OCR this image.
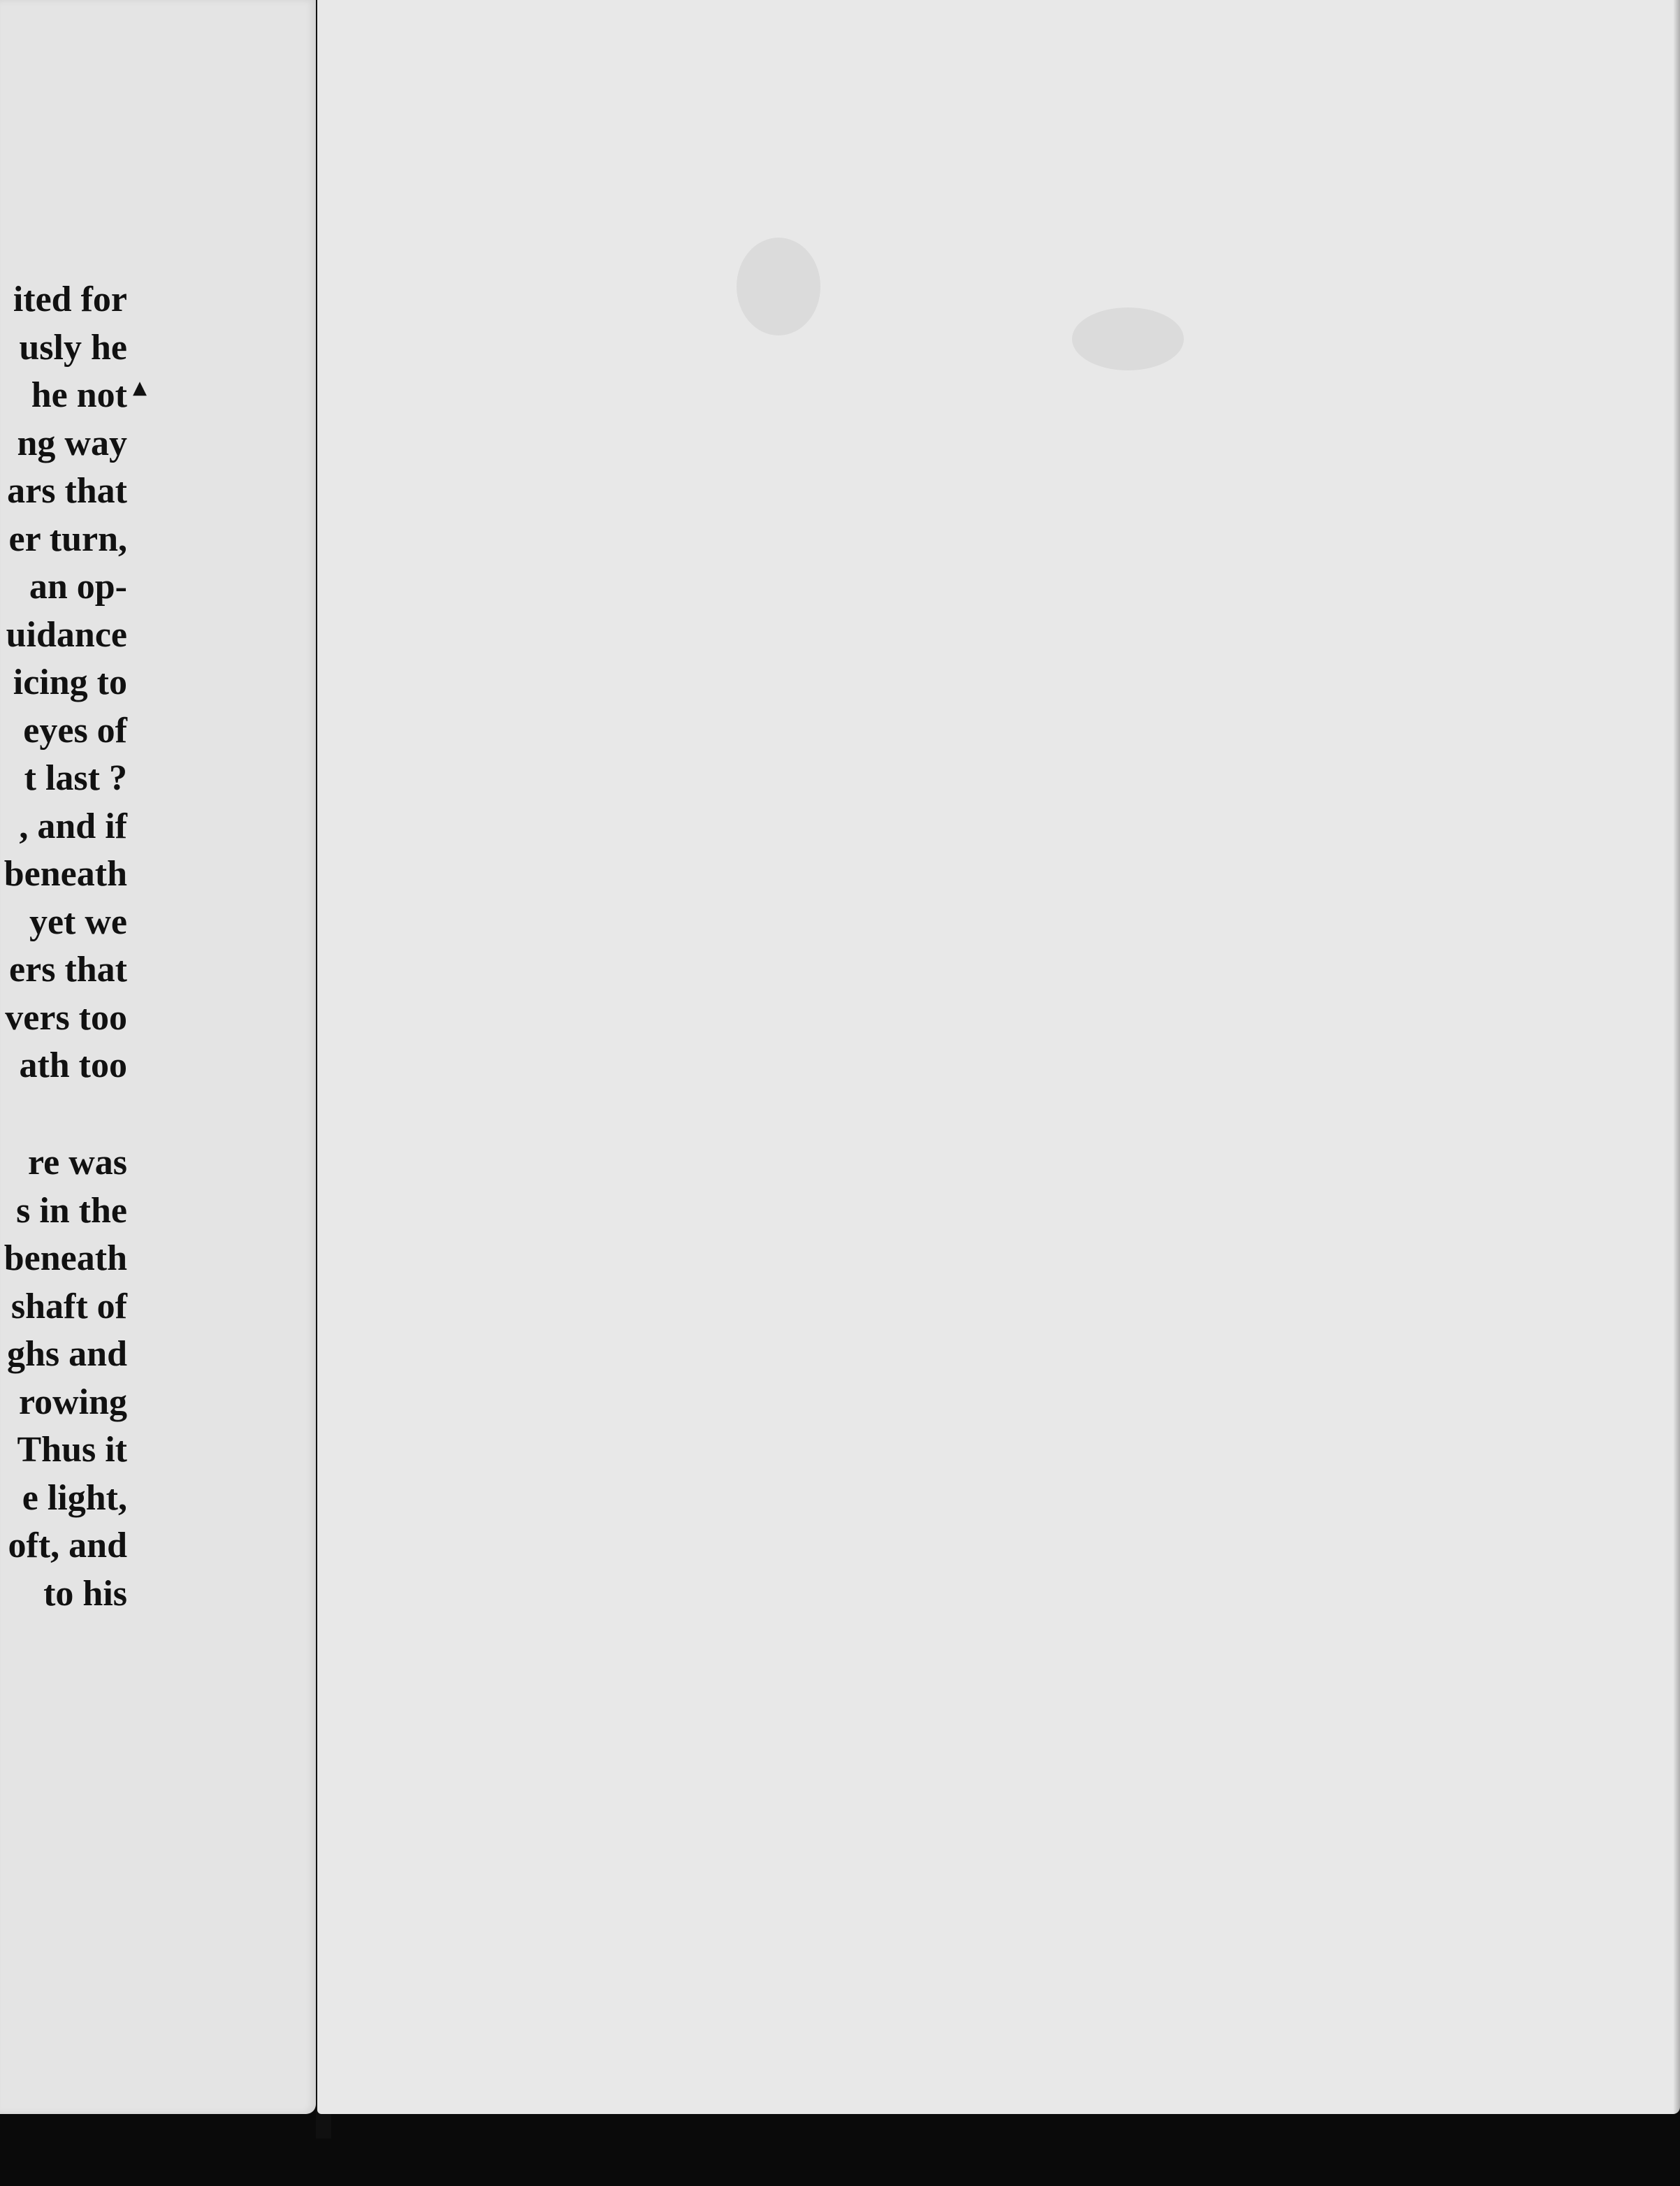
ited for
usly he
he not
ng way
ars that
er turn,
an op-
uidance
icing to
eyes of
t last ?
, and if
beneath
yet we
ers that
vers too
ath too
re was
s in the
beneath
shaft of
ghs and
rowing
Thus it
e light,
oft, and
to his
▲
